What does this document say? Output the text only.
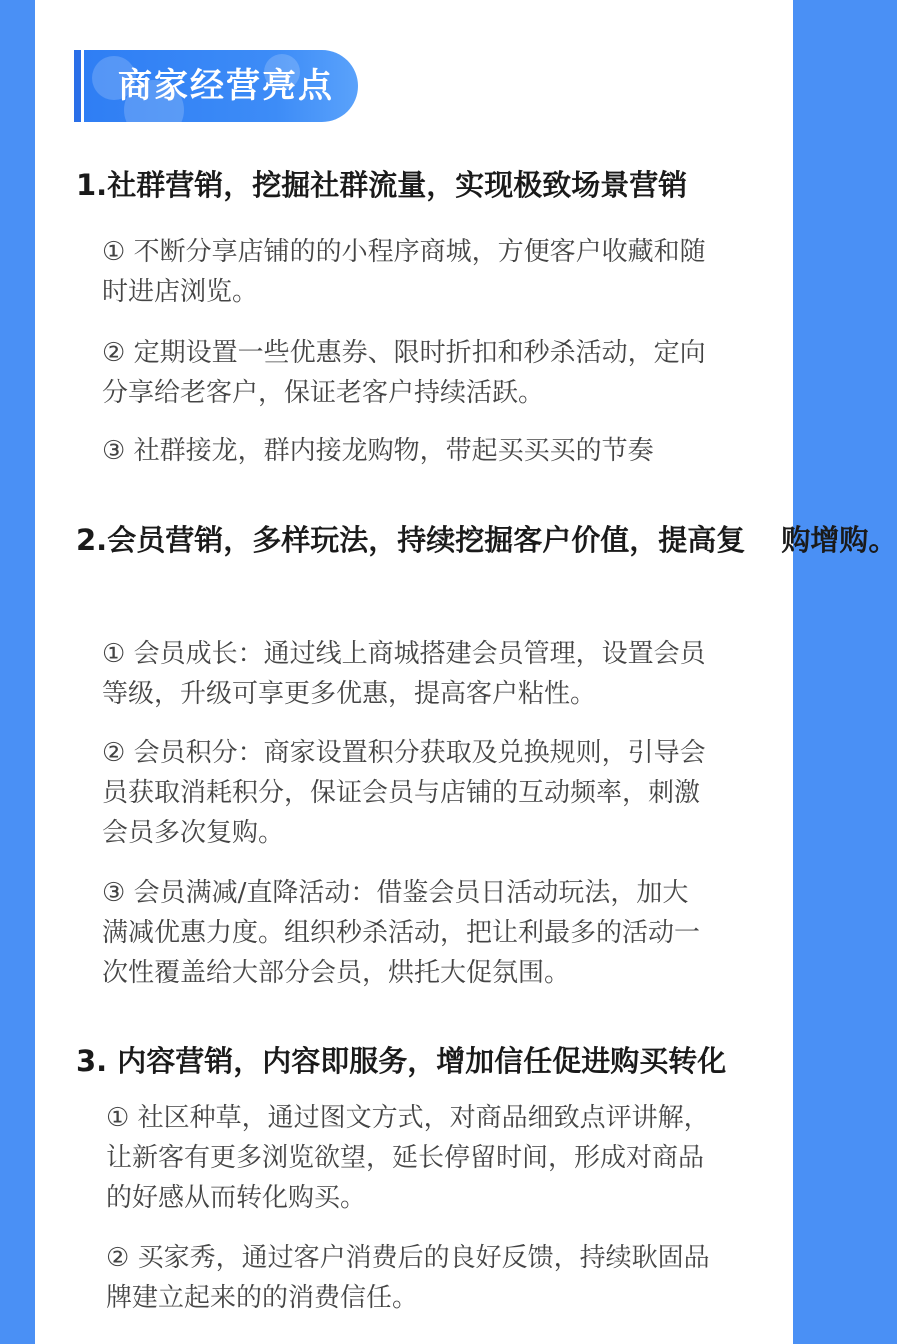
商家经营亮点
1.社群营销，挖掘社群流量，实现极致场景营销
① 不断分享店铺的的小程序商城，方便客户收藏和随
时进店浏览。
② 定期设置一些优惠券、限时折扣和秒杀活动，定向
分享给老客户，保证老客户持续活跃。
③ 社群接龙，群内接龙购物，带起买买买的节奏
2.会员营销，多样玩法，持续挖掘客户价值，提高复 购增购。
① 会员成长：通过线上商城搭建会员管理，设置会员
等级，升级可享更多优惠，提高客户粘性。
② 会员积分：商家设置积分获取及兑换规则，引导会
员获取消耗积分，保证会员与店铺的互动频率，刺激
会员多次复购。
③ 会员满减/直降活动：借鉴会员日活动玩法，加大
满减优惠力度。组织秒杀活动，把让利最多的活动一
次性覆盖给大部分会员，烘托大促氛围。
3. 内容营销，内容即服务，增加信任促进购买转化
① 社区种草，通过图文方式，对商品细致点评讲解，
让新客有更多浏览欲望，延长停留时间，形成对商品
的好感从而转化购买。
② 买家秀，通过客户消费后的良好反馈，持续耿固品
牌建立起来的的消费信任。
